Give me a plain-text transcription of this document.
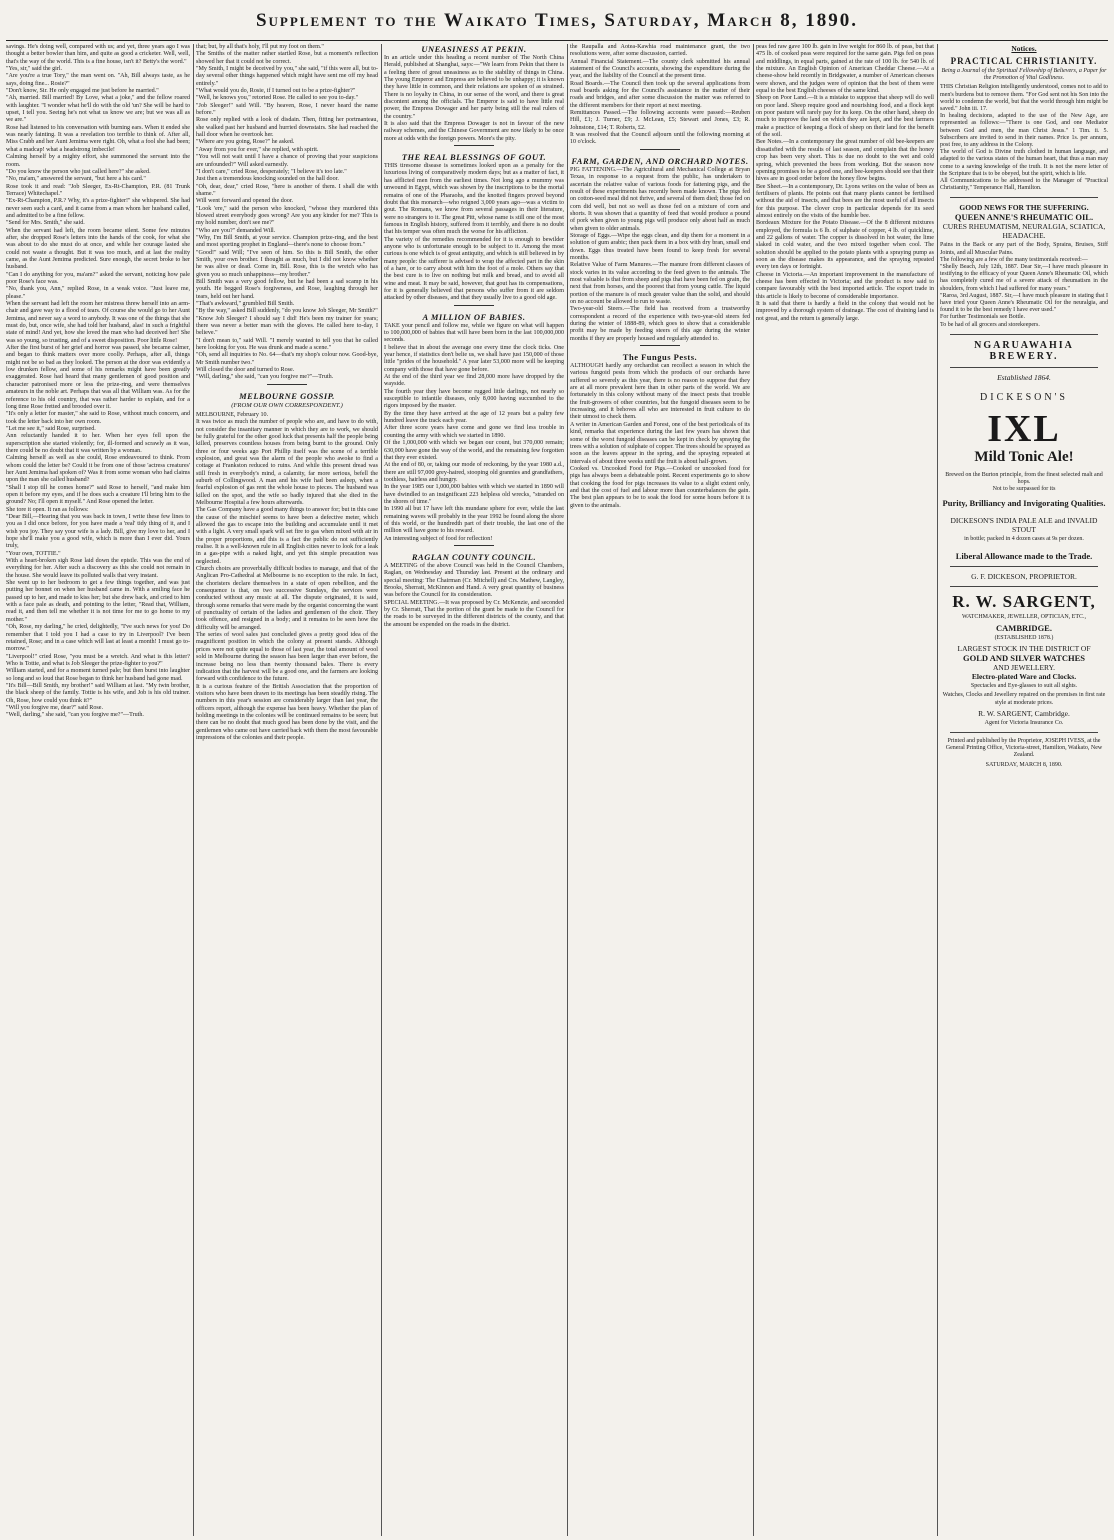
Supplement to the Waikato Times, Saturday, March 8, 1890.

savings. He's doing well, compared with us; and yet, three years ago I was thought a better bowler than him, and quite as good a cricketer. Well, well, that's the way of the world. This is a fine house, isn't it? Betty's the word."
"Yes, sir," said the girl.
"Are you're a true Tory," the man went on. "Ah, Bill always taste, as he says, doing fine... Rosie?"
"Don't know, Sir. He only engaged me just before he married."
"Ah, married. Bill married! By Love, what a joke," and the fellow roared with laughter. "I wonder what he'll do with the old 'un? She will be hard to upset, I tell you. Seeing he's not what us know we are; but we was all as we are."

Rose had listened to his conversation with burning ears. When it ended she was nearly fainting. It was a revelation too terrible to think of. After all, Miss Crabb and her Aunt Jemima were right. Oh, what a fool she had been; what a madcap! what a headstrong imbecile!
Calming herself by a mighty effort, she summoned the servant into the room.
"Do you know the person who just called here?" she asked.
"No, ma'am," answered the servant, "but here a his card."
Rose took it and read: "Job Sleeger, Ex-Rt-Champion, P.R. (81 Trunk Terrace) Whitechapel."

"Ex-Rt-Champion, P.R.? Why, it's a prize-fighter!" she whispered. She had never seen such a card, and it came from a man whom her husband called, and admitted to be a fine fellow.
"Send for Mrs. Smith," she said.
When the servant had left, the room became silent. Some few minutes after, she dropped Rose's letters into the hands of the cook, for what she was about to do she must do at once, and while her courage lasted she could not waste a thought. But it was too much, and at last the reality came, as the Aunt Jemima predicted. Sure enough, the secret broke to her husband.

"Can I do anything for you, ma'am?" asked the servant, noticing how pale poor Rose's face was.
"No, thank you, Ann," replied Rose, in a weak voice. "Just leave me, please."
When the servant had left the room her mistress threw herself into an arm-chair and gave way to a flood of tears. Of course she would go to her Aunt Jemima, and never say a word to anybody. It was one of the things that she must do, but, once wife, she had told her husband, alas! in such a frightful state of mind! And yet, how she loved the man who had deceived her! She was so young, so trusting, and of a sweet disposition. Poor little Rose!

After the first burst of her grief and horror was passed, she became calmer, and began to think matters over more coolly. Perhaps, after all, things might not be so bad as they looked. The person at the door was evidently a low drunken fellow, and some of his remarks might have been greatly exaggerated. Rose had heard that many gentlemen of good position and character patronised more or less the prize-ring, and were themselves amateurs in the noble art. Perhaps that was all that William was. As for the reference to his old country, that was rather harder to explain, and for a long time Rose fretted and brooded over it.

"It's only a letter for master," she said to Rose, without much concern, and took the letter back into her own room.
"Let me see it," said Rose, surprised.
Ann reluctantly handed it to her. When her eyes fell upon the superscription she started violently; for, ill-formed and scrawly as it was, there could be no doubt that it was written by a woman.
Calming herself as well as she could, Rose endeavoured to think. From whom could the letter be? Could it be from one of those 'actress creatures' her Aunt Jemima had spoken of? Was it from some woman who had claims upon the man she called husband?

"Shall I stop till he comes home?" said Rose to herself, "and make him open it before my eyes, and if he does such a creature I'll bring him to the ground? No; I'll open it myself." And Rose opened the letter.
She tore it open. It ran as follows:
"Dear Bill,—Hearing that you was back in town, I write these few lines to you as I did once before, for you have made a 'real' tidy thing of it, and I wish you joy. They say your wife is a lady. Bill, give my love to her, and I hope she'll make you a good wife, which is more than I ever did. Yours truly,
"Your own, TOTTIE."

With a heart-broken sigh Rose laid down the epistle. This was the end of everything for her. After such a discovery as this she could not remain in the house. She would leave its polluted walls that very instant.
She went up to her bedroom to get a few things together, and was just putting her bonnet on when her husband came in. With a smiling face he passed up to her, and made to kiss her; but she drew back, and cried to him with a face pale as death, and pointing to the letter, "Read that, William, read it, and then tell me whether it is not time for me to go home to my mother."

"Oh, Rose, my darling," he cried, delightedly, "I've such news for you! Do remember that I told you I had a case to try in Liverpool? I've been retained, Rose; and in a case which will last at least a month! I must go to-morrow."
"Liverpool!" cried Rose, "you must be a wretch. And what is this letter? Who is Tottie, and what is Job Sleeger the prize-fighter to you?"
William started, and for a moment turned pale; but then burst into laughter so long and so loud that Rose began to think her husband had gone mad.
"It's Bill—Bill Smith, my brother!" said William at last. "My twin brother, the black sheep of the family. Tottie is his wife, and Job is his old trainer. Oh, Rose, how could you think it?"
"Will you forgive me, dear?" said Rose.
"Well, darling," she said, "can you forgive me?"—Truth.

that; but, by all that's holy, I'll put my foot on them."
The Smiths of the matter rather startled Rose, but a moment's reflection showed her that it could not be correct.
"My Smith, I might be deceived by you," she said, "if this were all, but to-day several other things happened which might have sent me off my head entirely."
"What would you do, Rosie, if I turned out to be a prize-fighter?"
"Well, he knows you," retorted Rose. He called to see you to-day."
"Job Sleeger!" said Will. "By heaven, Rose, I never heard the name before."
Rose only replied with a look of disdain. Then, fitting her portmanteau, she walked past her husband and hurried downstairs. She had reached the hall door when he overtook her.

"Where are you going, Rose?" he asked.
"Away from you for ever," she replied, with spirit.
"You will not wait until I have a chance of proving that your suspicions are unfounded?" Will asked earnestly.
"I don't care," cried Rose, desperately; "I believe it's too late."
Just then a tremendous knocking sounded on the hall door.
"Oh, dear, dear," cried Rose, "here is another of them. I shall die with shame."
Will went forward and opened the door.
"Look 'ere," said the person who knocked, "whose they murdered this blowed street everybody goes wrong? Are you any kinder for me? This is my hold number, don't see me?"

"Who are you?" demanded Will.
"Why, I'm Bill Smith, at your service. Champion prize-ring, and the best and most sporting prophet in England—there's none to choose from."
"Good!" said Will; "I've seen of him. So this is Bill Smith, the other Smith, your own brother. I thought as much, but I did not know whether he was alive or dead. Come in, Bill. Rose, this is the wretch who has given you so much unhappiness—my brother."
Bill Smith was a very good fellow, but he had been a sad scamp in his youth. He begged Rose's forgiveness, and Rose, laughing through her tears, held out her hand.

"That's awkward," grumbled Bill Smith.
"By the way," asked Bill suddenly, "do you know Job Sleeger, Mr Smith?"
"Know Job Sleeger? I should say I did! He's been my trainer for years; there was never a better man with the gloves. He called here to-day, I believe."
"I don't mean to," said Will. "I merely wanted to tell you that he called here looking for you. He was drunk and made a scene."
"Oh, send all inquiries to No. 64—that's my shop's colour now. Good-bye, Mr Smith number two."
Will closed the door and turned to Rose.
"Will, darling," she said, "can you forgive me?"—Truth.

MELBOURNE GOSSIP.
(FROM OUR OWN CORRESPONDENT.)

MELBOURNE, February 10.
It was twice as much the number of people who are, and have to do with, not consider the insanitary manner in which they are to work, we should be fully grateful for the other good luck that presents half the people being killed, preserves countless houses from being burnt to the ground. Only three or four weeks ago Port Phillip itself was the scene of a terrible explosion, and great was the alarm of the people who awoke to find a cottage at Frankston reduced to ruins. And while this present dread was still fresh in everybody's mind, a calamity, far more serious, befell the suburb of Collingwood. A man and his wife had been asleep, when a fearful explosion of gas rent the whole house to pieces. The husband was killed on the spot, and the wife so badly injured that she died in the Melbourne Hospital a few hours afterwards.

The Gas Company have a good many things to answer for; but in this case the cause of the mischief seems to have been a defective meter, which allowed the gas to escape into the building and accumulate until it met with a light. A very small spark will set fire to gas when mixed with air in the proper proportions, and this is a fact the public do not sufficiently realise. It is a well-known rule in all English cities never to look for a leak in a gas-pipe with a naked light, and yet this simple precaution was neglected.

Church choirs are proverbially difficult bodies to manage, and that of the Anglican Pro-Cathedral at Melbourne is no exception to the rule. In fact, the choristers declare themselves in a state of open rebellion, and the consequence is that, on two successive Sundays, the services were conducted without any music at all. The dispute originated, it is said, through some remarks that were made by the organist concerning the want of punctuality of certain of the ladies and gentlemen of the choir. They took offence, and resigned in a body; and it remains to be seen how the difficulty will be arranged.

The series of wool sales just concluded gives a pretty good idea of the magnificent position in which the colony at present stands. Although prices were not quite equal to those of last year, the total amount of wool sold in Melbourne during the season has been larger than ever before, the increase being no less than twenty thousand bales. There is every indication that the harvest will be a good one, and the farmers are looking forward with confidence to the future.

It is a curious feature of the British Association that the proportion of visitors who have been drawn to its meetings has been steadily rising. The numbers in this year's session are considerably larger than last year, the officers report, although the expense has been heavy. Whether the plan of holding meetings in the colonies will be continued remains to be seen; but there can be no doubt that much good has been done by the visit, and the gentlemen who came out have carried back with them the most favourable impressions of the colonies and their people.

UNEASINESS AT PEKIN.

In an article under this heading a recent number of The North China Herald, published at Shanghai, says:—"We learn from Pekin that there is a feeling there of great uneasiness as to the stability of things in China. The young Emperor and Empress are believed to be unhappy; it is known they have little in common, and their relations are spoken of as strained. There is no loyalty in China, in our sense of the word, and there is great discontent among the officials. The Emperor is said to have little real power, the Empress Dowager and her party being still the real rulers of the country."

It is also said that the Empress Dowager is not in favour of the new railway schemes, and the Chinese Government are now likely to be once more at odds with the foreign powers. More's the pity.

THE REAL BLESSINGS OF GOUT.

THIS tiresome disease is sometimes looked upon as a penalty for the luxurious living of comparatively modern days; but as a matter of fact, it has afflicted men from the earliest times. Not long ago a mummy was unwound in Egypt, which was shown by the inscriptions to be the mortal remains of one of the Pharaohs, and the knotted fingers proved beyond doubt that this monarch—who reigned 3,000 years ago—was a victim to gout. The Romans, we know from several passages in their literature, were no strangers to it. The great Pitt, whose name is still one of the most famous in English history, suffered from it terribly, and there is no doubt that his temper was often much the worse for his affliction.

The variety of the remedies recommended for it is enough to bewilder anyone who is unfortunate enough to be subject to it. Among the most curious is one which is of great antiquity, and which is still believed in by many people: the sufferer is advised to wrap the affected part in the skin of a hare, or to carry about with him the foot of a mole. Others say that the best cure is to live on nothing but milk and bread, and to avoid all wine and meat. It may be said, however, that gout has its compensations, for it is generally believed that persons who suffer from it are seldom attacked by other diseases, and that they usually live to a good old age.

A MILLION OF BABIES.

TAKE your pencil and follow me, while we figure on what will happen to 100,000,000 of babies that will have been born in the last 100,000,000 seconds.
I believe that in about the average one every time the clock ticks. One year hence, if statistics don't belie us, we shall have just 150,000 of those little "prides of the household." A year later 53,000 more will be keeping company with those that have gone before.
At the end of the third year we find 28,000 more have dropped by the wayside.
The fourth year they have become rugged little darlings, not nearly so susceptible to infantile diseases, only 8,000 having succumbed to the rigors imposed by the master.

By the time they have arrived at the age of 12 years but a paltry few hundred leave the track each year.
After three score years have come and gone we find less trouble in counting the army with which we started in 1890.
Of the 1,000,000 with which we began our count, but 370,000 remain; 630,000 have gone the way of the world, and the remaining few forgotten that they ever existed.
At the end of 80, or, taking our mode of reckoning, by the year 1980 a.d., there are still 97,000 grey-haired, stooping old grannies and grandfathers, toothless, hairless and hungry.

In the year 1985 our 1,000,000 babies with which we started in 1890 will have dwindled to an insignificant 223 helpless old wrecks, "stranded on the shores of time."
In 1990 all but 17 have left this mundane sphere for ever, while the last remaining waves will probably in the year 1992 be found along the shore of this world, or the hundredth part of their trouble, the last one of the million will have gone to his reward.
An interesting subject of food for reflection!

RAGLAN COUNTY COUNCIL.

A MEETING of the above Council was held in the Council Chambers, Raglan, on Wednesday and Thursday last. Present at the ordinary and special meeting: The Chairman (Cr. Mitchell) and Crs. Mathew, Langley, Brooks, Sherratt, McKinnon and Hand. A very great quantity of business was before the Council for its consideration.
SPECIAL MEETING.—It was proposed by Cr. McKenzie, and seconded by Cr. Sherratt, That the portion of the grant be made to the Council for the roads to be surveyed in the different districts of the county, and that the amount be expended on the roads in the district.

the Raupalla and Aotea-Kawhia road maintenance grant, the two resolutions were, after some discussion, carried.
Annual Financial Statement.—The county clerk submitted his annual statement of the Council's accounts, showing the expenditure during the year, and the liability of the Council at the present time.
Road Boards.—The Council then took up the several applications from road boards asking for the Council's assistance in the matter of their roads and bridges, and after some discussion the matter was referred to the different members for their report at next meeting.

Remittances Passed.—The following accounts were passed:—Reuben Hill, £1; J. Turner, £9; J. McLean, £5; Stewart and Jones, £3; R. Johnstone, £14; T. Roberts, £2.
It was resolved that the Council adjourn until the following morning at 10 o'clock.

FARM, GARDEN, AND ORCHARD NOTES.

PIG FATTENING.—The Agricultural and Mechanical College at Bryan Texas, in response to a request from the public, has undertaken to ascertain the relative value of various foods for fattening pigs, and the result of these experiments has recently been made known. The pigs fed on cotton-seed meal did not thrive, and several of them died; those fed on corn did well, but not so well as those fed on a mixture of corn and shorts. It was shown that a quantity of feed that would produce a pound of pork when given to young pigs will produce only about half as much when given to older animals.

Storage of Eggs.—Wipe the eggs clean, and dip them for a moment in a solution of gum arabic; then pack them in a box with dry bran, small end down. Eggs thus treated have been found to keep fresh for several months.

Relative Value of Farm Manures.—The manure from different classes of stock varies in its value according to the feed given to the animals. The most valuable is that from sheep and pigs that have been fed on grain, the next that from horses, and the poorest that from young cattle. The liquid portion of the manure is of much greater value than the solid, and should on no account be allowed to run to waste.

Two-year-old Steers.—The field has received from a trustworthy correspondent a record of the experience with two-year-old steers fed during the winter of 1888-89, which goes to show that a considerable profit may be made by feeding steers of this age during the winter months if they are properly housed and regularly attended to.

The Fungus Pests.

ALTHOUGH hardly any orchardist can recollect a season in which the various fungoid pests from which the products of our orchards have suffered so severely as this year, there is no reason to suppose that they are at all more prevalent here than in other parts of the world. We are fortunately in this colony without many of the insect pests that trouble the fruit-growers of other countries, but the fungoid diseases seem to be increasing, and it behoves all who are interested in fruit culture to do their utmost to check them.

A writer in American Garden and Forest, one of the best periodicals of its kind, remarks that experience during the last few years has shown that some of the worst fungoid diseases can be kept in check by spraying the trees with a solution of sulphate of copper. The trees should be sprayed as soon as the leaves appear in the spring, and the spraying repeated at intervals of about three weeks until the fruit is about half-grown.

Cooked vs. Uncooked Food for Pigs.—Cooked or uncooked food for pigs has always been a debateable point. Recent experiments go to show that cooking the food for pigs increases its value to a slight extent only, and that the cost of fuel and labour more than counterbalances the gain. The best plan appears to be to soak the food for some hours before it is given to the animals.

peas fed raw gave 100 lb. gain in live weight for 860 lb. of peas, but that 475 lb. of cooked peas were required for the same gain. Pigs fed on peas and middlings, in equal parts, gained at the rate of 100 lb. for 540 lb. of the mixture. An English Opinion of American Cheddar Cheese.—At a cheese-show held recently in Bridgwater, a number of American cheeses were shown, and the judges were of opinion that the best of them were equal to the best English cheeses of the same kind.

Sheep on Poor Land.—It is a mistake to suppose that sheep will do well on poor land. Sheep require good and nourishing food, and a flock kept on poor pasture will rarely pay for its keep. On the other hand, sheep do much to improve the land on which they are kept, and the best farmers make a practice of keeping a flock of sheep on their land for the benefit of the soil.

Bee Notes.—In a contemporary the great number of old bee-keepers are dissatisfied with the results of last season, and complain that the honey crop has been very short. This is due no doubt to the wet and cold spring, which prevented the bees from working. But the season now opening promises to be a good one, and bee-keepers should see that their hives are in good order before the honey flow begins.

Bee Sheet.—In a contemporary, Dr. Lyons writes on the value of bees as fertilisers of plants. He points out that many plants cannot be fertilised without the aid of insects, and that bees are the most useful of all insects for this purpose. The clover crop in particular depends for its seed almost entirely on the visits of the humble bee.

Bordeaux Mixture for the Potato Disease.—Of the 8 different mixtures employed, the formula is 6 lb. of sulphate of copper, 4 lb. of quicklime, and 22 gallons of water. The copper is dissolved in hot water, the lime slaked in cold water, and the two mixed together when cool. The solution should be applied to the potato plants with a spraying pump as soon as the disease makes its appearance, and the spraying repeated every ten days or fortnight.

Cheese in Victoria.—An important improvement in the manufacture of cheese has been effected in Victoria; and the product is now said to compare favourably with the best imported article. The export trade in this article is likely to become of considerable importance.

It is said that there is hardly a field in the colony that would not be improved by a thorough system of drainage. The cost of draining land is not great, and the return is generally large.

Notices.
PRACTICAL CHRISTIANITY.
Being a Journal of the Spiritual Fellowship of Believers, a Paper for the Promotion of Vital Godliness.
THIS Christian Religion intelligently understood, comes not to add to men's burdens but to remove them. "For God sent not his Son into the world to condemn the world, but that the world through him might be saved." John iii. 17.
In healing decisions, adapted to the use of the New Age, are represented as follows:—"There is one God, and one Mediator between God and men, the man Christ Jesus." 1 Tim. ii. 5. Subscribers are invited to send in their names. Price 1s. per annum, post free, to any address in the Colony.
The world of God is Divine truth clothed in human language, and adapted to the various states of the human heart, that thus a man may come to a saving knowledge of the truth. It is not the mere letter of the Scripture that is to be obeyed, but the spirit, which is life.
All Communications to be addressed to the Manager of "Practical Christianity," Temperance Hall, Hamilton.
GOOD NEWS FOR THE SUFFERING.
QUEEN ANNE'S RHEUMATIC OIL.
CURES RHEUMATISM, NEURALGIA, SCIATICA, HEADACHE.
Pains in the Back or any part of the Body, Sprains, Bruises, Stiff Joints, and all Muscular Pains.
The following are a few of the many testimonials received:—
"Shelly Beach, July 12th, 1887. Dear Sir,—I have much pleasure in testifying to the efficacy of your Queen Anne's Rheumatic Oil, which has completely cured me of a severe attack of rheumatism in the shoulders, from which I had suffered for many years."
"Raroa, 3rd August, 1887. Sir,—I have much pleasure in stating that I have tried your Queen Anne's Rheumatic Oil for the neuralgia, and found it to be the best remedy I have ever used."
For further Testimonials see Bottle.
To be had of all grocers and storekeepers.
NGARUAWAHIA BREWERY.
Established 1864.
DICKESON'S
IXL
Mild Tonic Ale!
Brewed on the Burton principle, from the finest selected malt and hops.
Not to be surpassed for its
Purity, Brilliancy and Invigorating Qualities.
DICKESON'S INDIA PALE ALE and INVALID STOUT
in bottle; packed in 4 dozen cases at 9s per dozen.
Liberal Allowance made to the Trade.
G. F. DICKESON, PROPRIETOR.
R. W. SARGENT,
WATCHMAKER, JEWELLER, OPTICIAN, ETC.,
CAMBRIDGE.
(ESTABLISHED 1878.)
LARGEST STOCK IN THE DISTRICT OF
GOLD AND SILVER WATCHES
AND JEWELLERY.
Electro-plated Ware and Clocks.
Spectacles and Eye-glasses to suit all sights.
Watches, Clocks and Jewellery repaired on the premises in first rate style at moderate prices.
R. W. SARGENT, Cambridge.
Agent for Victoria Insurance Co.
Printed and published by the Proprietor, JOSEPH IVESS, at the General Printing Office, Victoria-street, Hamilton, Waikato, New Zealand.
SATURDAY, MARCH 8, 1890.
